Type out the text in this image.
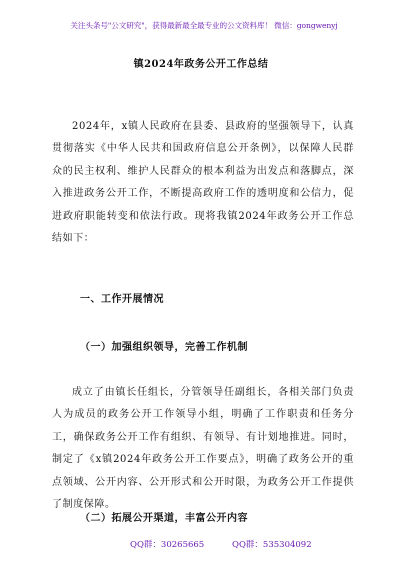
关注头条号"公文研究"，获得最新最全最专业的公文资料库！ 微信：gongwenyj
镇2024年政务公开工作总结
2024年，x镇人民政府在县委、县政府的坚强领导下，认真贯彻落实《中华人民共和国政府信息公开条例》，以保障人民群众的民主权利、维护人民群众的根本利益为出发点和落脚点，深入推进政务公开工作，不断提高政府工作的透明度和公信力，促进政府职能转变和依法行政。现将我镇2024年政务公开工作总结如下：
一、工作开展情况
（一）加强组织领导，完善工作机制
成立了由镇长任组长，分管领导任副组长，各相关部门负责人为成员的政务公开工作领导小组，明确了工作职责和任务分工，确保政务公开工作有组织、有领导、有计划地推进。同时，制定了《x镇2024年政务公开工作要点》，明确了政务公开的重点领域、公开内容、公开形式和公开时限，为政务公开工作提供了制度保障。
（二）拓展公开渠道，丰富公开内容
QQ群：30265665	QQ群：535304092
